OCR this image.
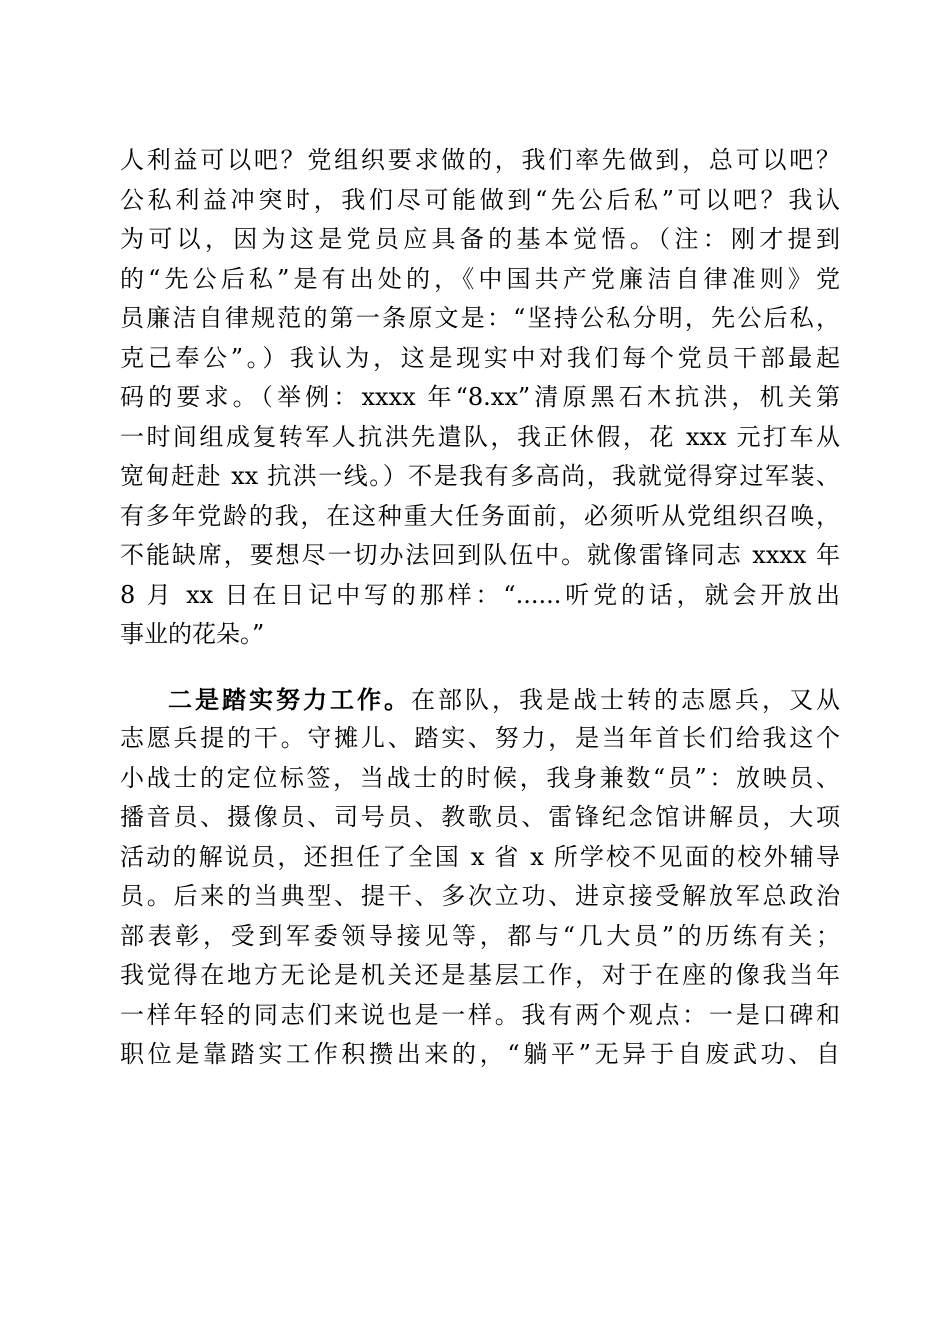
人利益可以吧？党组织要求做的，我们率先做到，总可以吧？
公私利益冲突时，我们尽可能做到“先公后私”可以吧？我认
为可以，因为这是党员应具备的基本觉悟。（注：刚才提到
的“先公后私”是有出处的，《中国共产党廉洁自律准则》党
员廉洁自律规范的第一条原文是：“坚持公私分明，先公后私，
克己奉公”。）我认为，这是现实中对我们每个党员干部最起
码的要求。（举例：xxxx 年“8.xx”清原黑石木抗洪，机关第
一时间组成复转军人抗洪先遣队，我正休假，花 xxx 元打车从
宽甸赶赴 xx 抗洪一线。）不是我有多高尚，我就觉得穿过军装、
有多年党龄的我，在这种重大任务面前，必须听从党组织召唤，
不能缺席，要想尽一切办法回到队伍中。就像雷锋同志 xxxx 年
8 月 xx 日在日记中写的那样：“......听党的话，就会开放出
事业的花朵。”
二是踏实努力工作。在部队，我是战士转的志愿兵，又从
志愿兵提的干。守摊儿、踏实、努力，是当年首长们给我这个
小战士的定位标签，当战士的时候，我身兼数“员”：放映员、
播音员、摄像员、司号员、教歌员、雷锋纪念馆讲解员，大项
活动的解说员，还担任了全国 x 省 x 所学校不见面的校外辅导
员。后来的当典型、提干、多次立功、进京接受解放军总政治
部表彰，受到军委领导接见等，都与“几大员”的历练有关；
我觉得在地方无论是机关还是基层工作，对于在座的像我当年
一样年轻的同志们来说也是一样。我有两个观点：一是口碑和
职位是靠踏实工作积攒出来的，“躺平”无异于自废武功、自
